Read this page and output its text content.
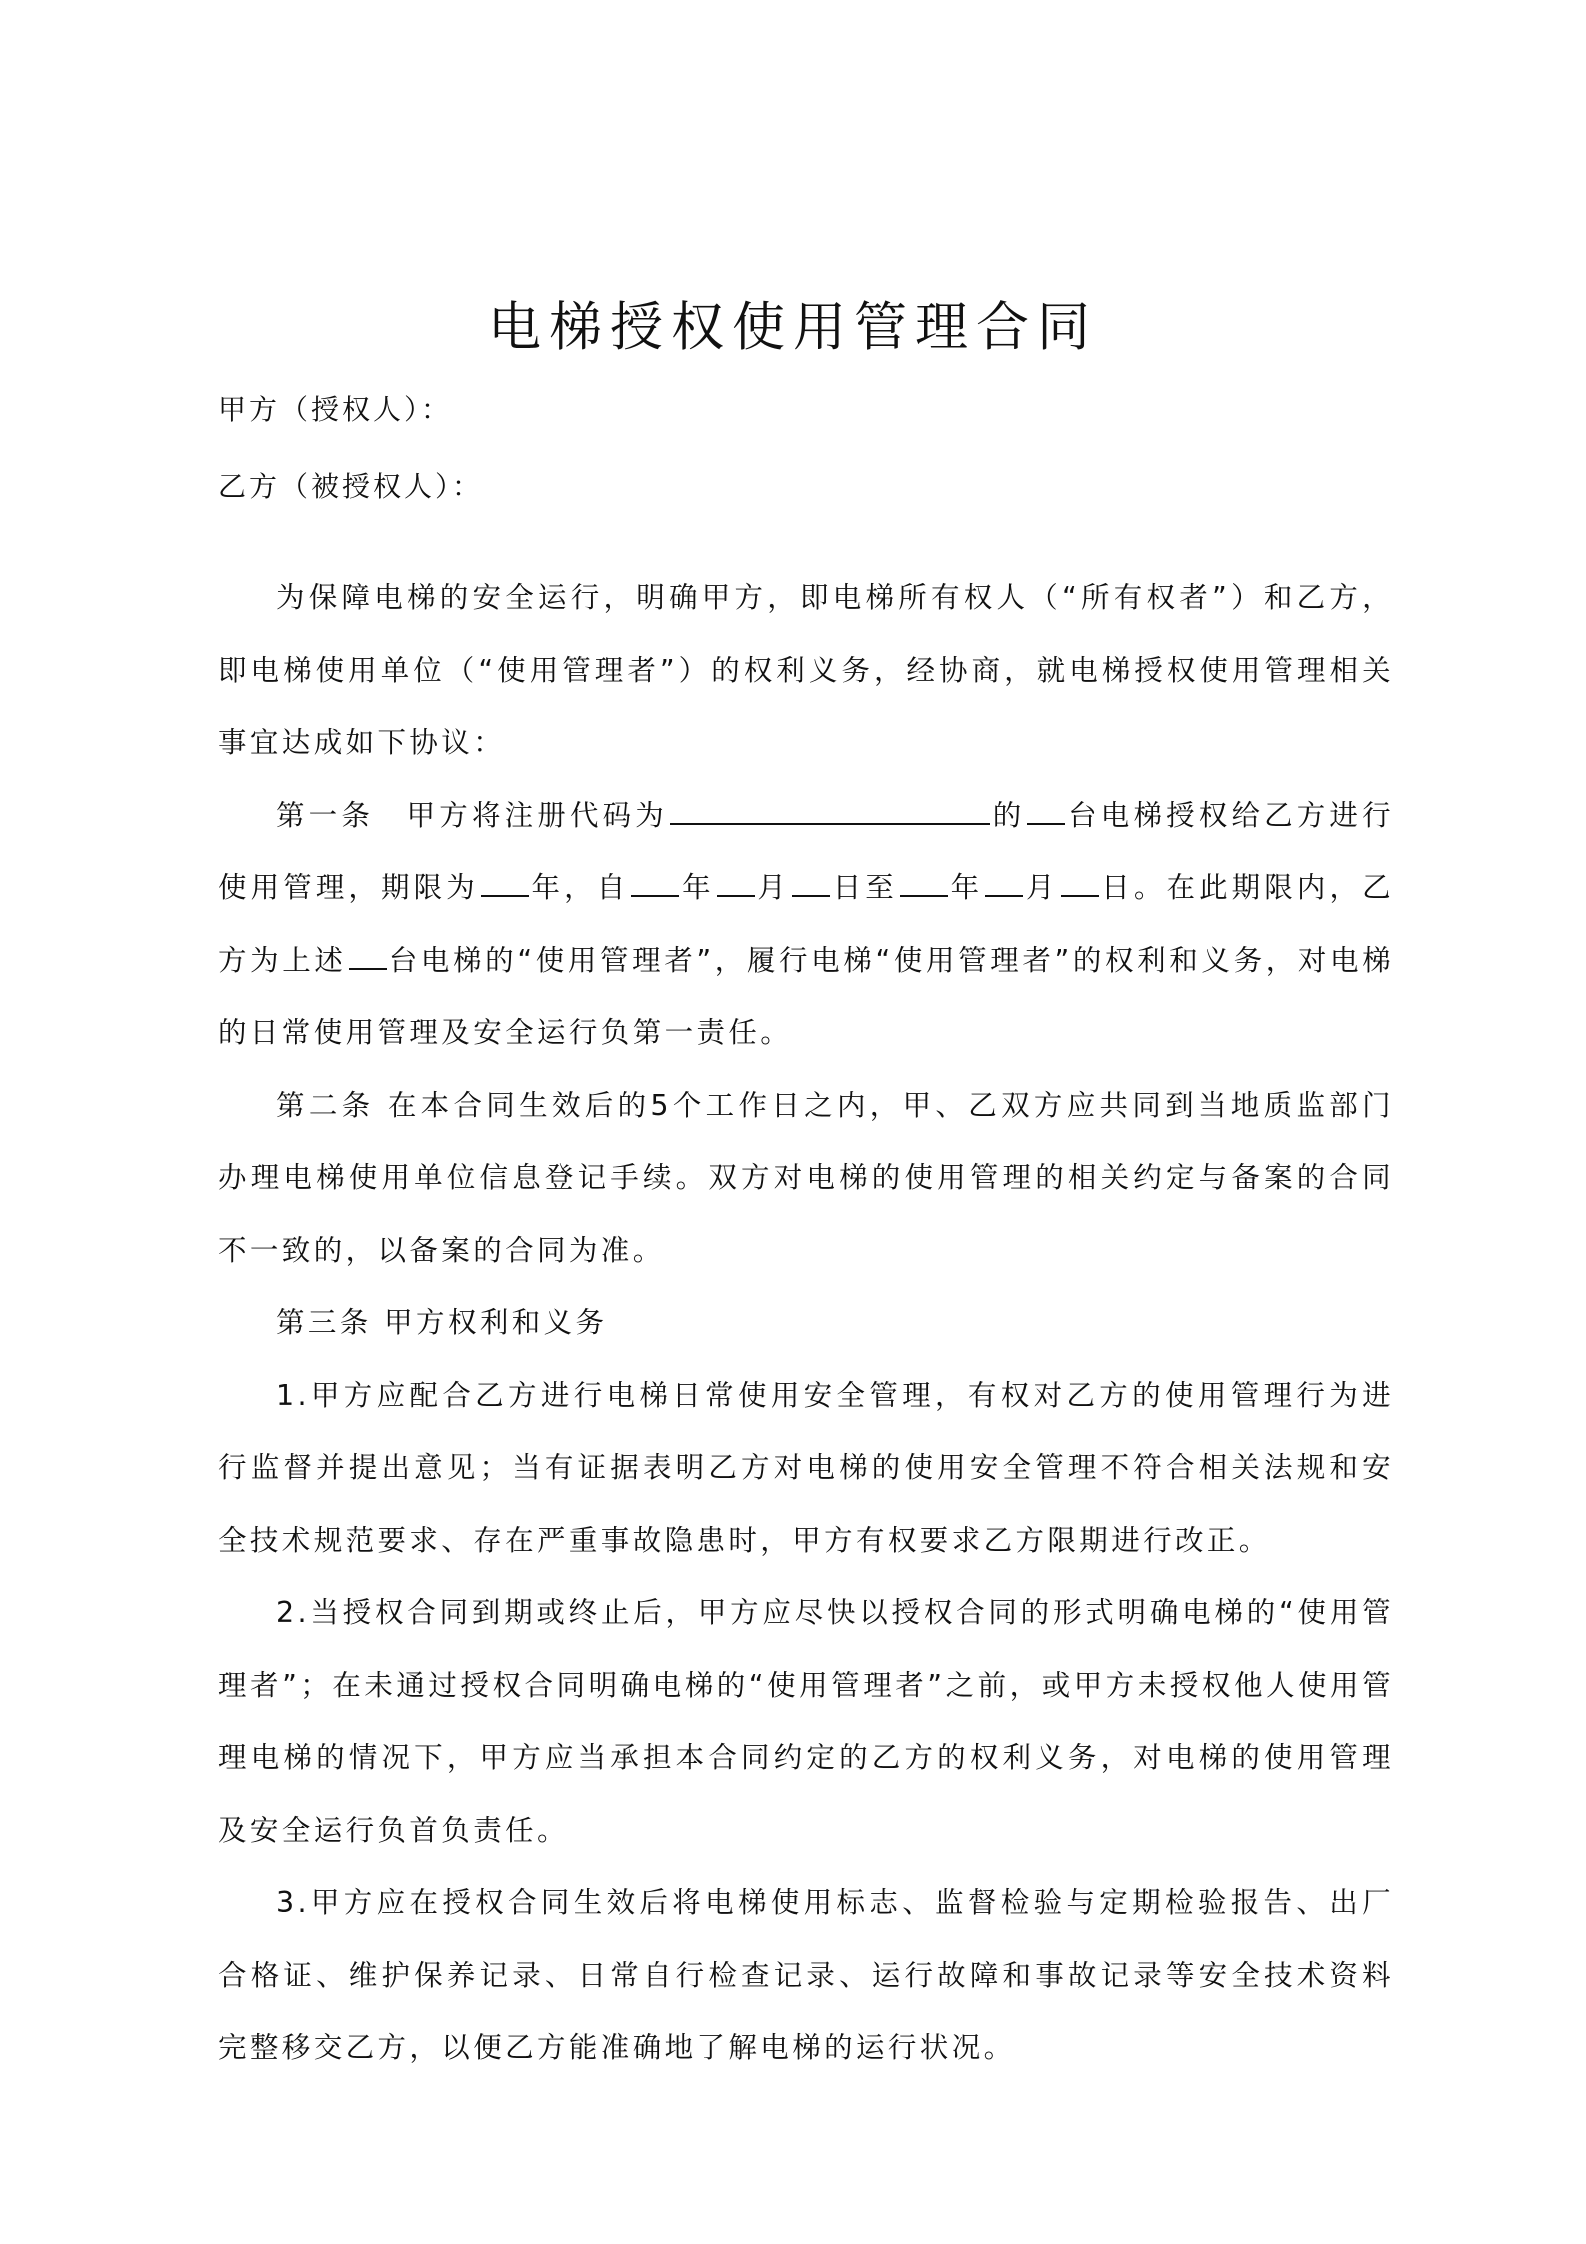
电梯授权使用管理合同
甲方（授权人）：
乙方（被授权人）：

为保障电梯的安全运行，明确甲方，即电梯所有权人（“所有权者”）和乙方，即电梯使用单位（“使用管理者”）的权利义务，经协商，就电梯授权使用管理相关事宜达成如下协议：

第一条　甲方将注册代码为	的 台电梯授权给乙方进行使用管理，期限为 年，自 年 月 日至 年 月 日。在此期限内，乙方为上述 台电梯的“使用管理者”，履行电梯“使用管理者”的权利和义务，对电梯的日常使用管理及安全运行负第一责任。

第二条 在本合同生效后的5个工作日之内，甲、乙双方应共同到当地质监部门办理电梯使用单位信息登记手续。双方对电梯的使用管理的相关约定与备案的合同不一致的，以备案的合同为准。

第三条 甲方权利和义务

1.甲方应配合乙方进行电梯日常使用安全管理，有权对乙方的使用管理行为进行监督并提出意见；当有证据表明乙方对电梯的使用安全管理不符合相关法规和安全技术规范要求、存在严重事故隐患时，甲方有权要求乙方限期进行改正。

2.当授权合同到期或终止后，甲方应尽快以授权合同的形式明确电梯的“使用管理者”；在未通过授权合同明确电梯的“使用管理者”之前，或甲方未授权他人使用管理电梯的情况下，甲方应当承担本合同约定的乙方的权利义务，对电梯的使用管理及安全运行负首负责任。

3.甲方应在授权合同生效后将电梯使用标志、监督检验与定期检验报告、出厂合格证、维护保养记录、日常自行检查记录、运行故障和事故记录等安全技术资料完整移交乙方，以便乙方能准确地了解电梯的运行状况。
